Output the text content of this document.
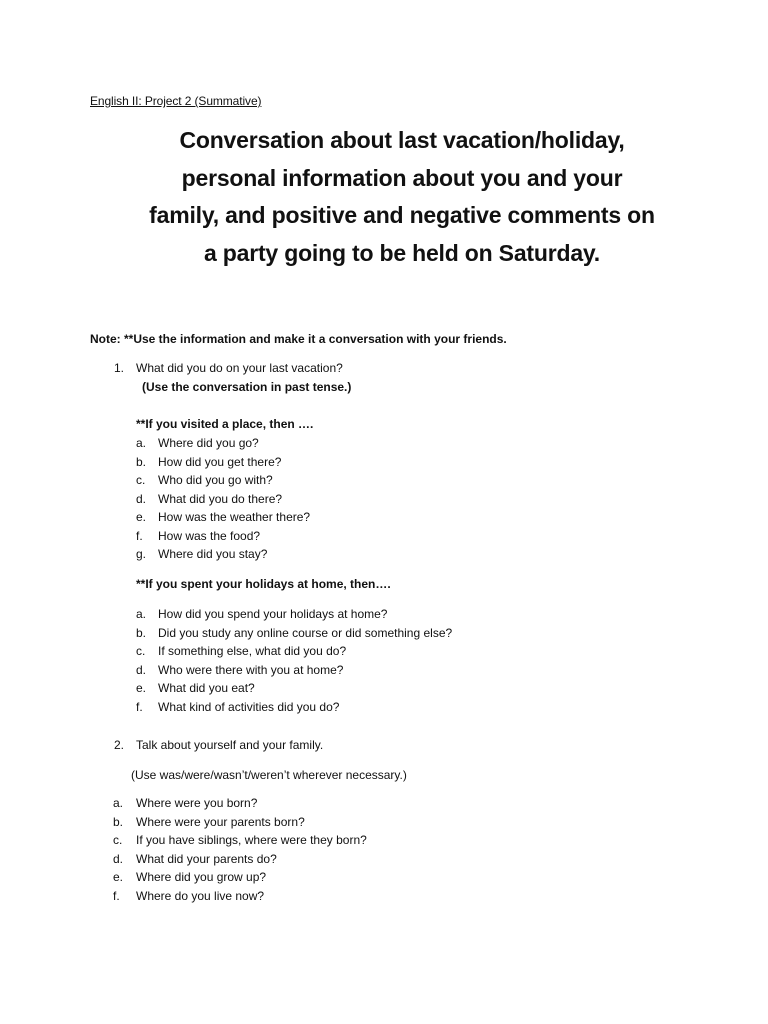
English II: Project 2 (Summative)
Conversation about last vacation/holiday,
personal information about you and your
family, and positive and negative comments on
a party going to be held on Saturday.
Note: **Use the information and make it a conversation with your friends.
1. What did you do on your last vacation?
(Use the conversation in past tense.)
**If you visited a place, then ….
a. Where did you go?
b. How did you get there?
c. Who did you go with?
d. What did you do there?
e. How was the weather there?
f. How was the food?
g. Where did you stay?
**If you spent your holidays at home, then….
a. How did you spend your holidays at home?
b. Did you study any online course or did something else?
c. If something else, what did you do?
d. Who were there with you at home?
e. What did you eat?
f. What kind of activities did you do?
2. Talk about yourself and your family.
(Use was/were/wasn’t/weren’t wherever necessary.)
a. Where were you born?
b. Where were your parents born?
c. If you have siblings, where were they born?
d. What did your parents do?
e. Where did you grow up?
f. Where do you live now?
